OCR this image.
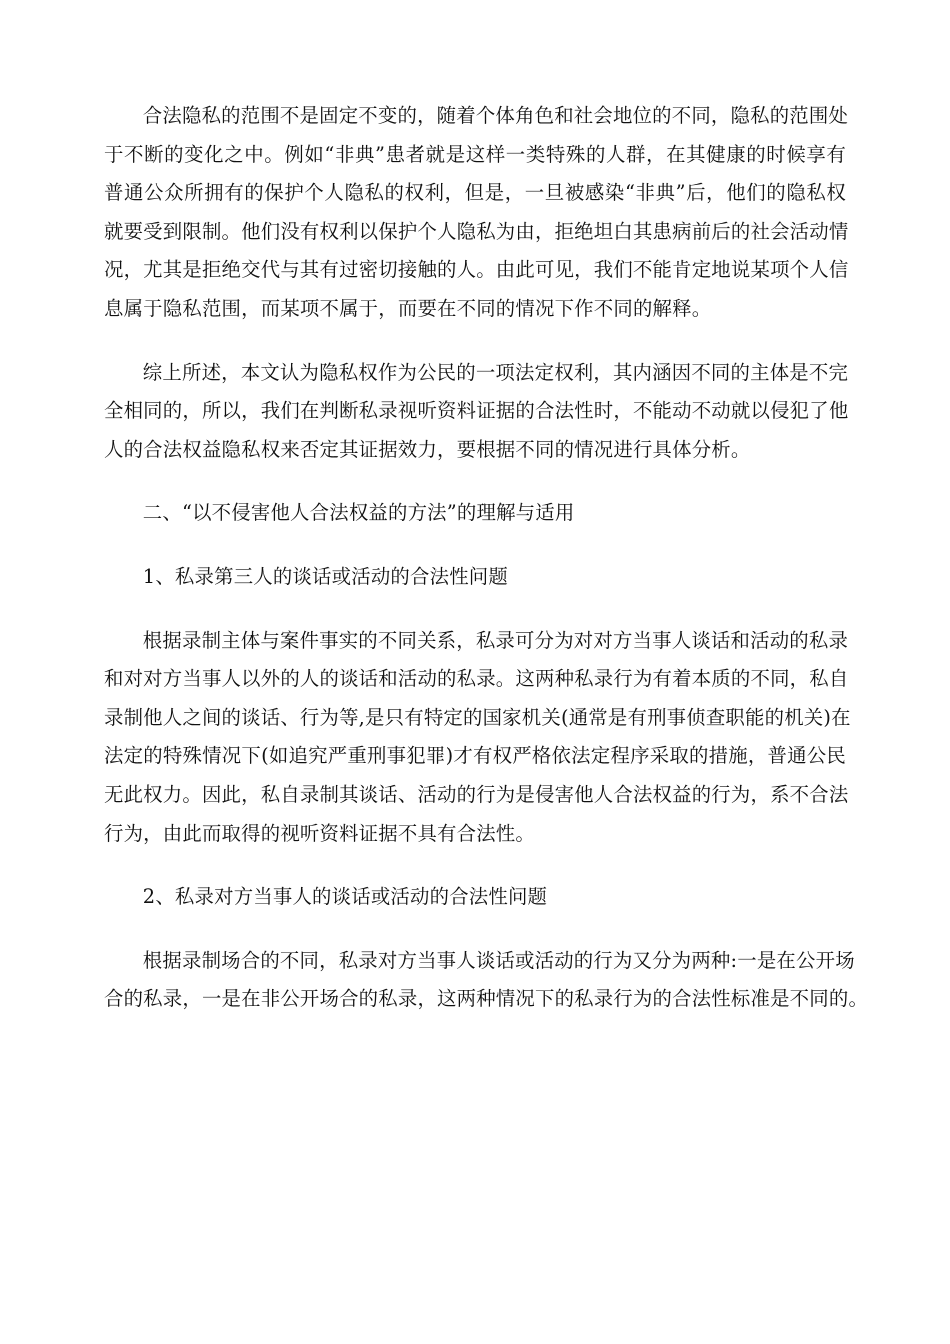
合法隐私的范围不是固定不变的，随着个体角色和社会地位的不同，隐私的范围处
于不断的变化之中。例如“非典”患者就是这样一类特殊的人群，在其健康的时候享有
普通公众所拥有的保护个人隐私的权利，但是，一旦被感染“非典”后，他们的隐私权
就要受到限制。他们没有权利以保护个人隐私为由，拒绝坦白其患病前后的社会活动情
况，尤其是拒绝交代与其有过密切接触的人。由此可见，我们不能肯定地说某项个人信
息属于隐私范围，而某项不属于，而要在不同的情况下作不同的解释。
综上所述，本文认为隐私权作为公民的一项法定权利，其内涵因不同的主体是不完
全相同的，所以，我们在判断私录视听资料证据的合法性时，不能动不动就以侵犯了他
人的合法权益隐私权来否定其证据效力，要根据不同的情况进行具体分析。
二、“以不侵害他人合法权益的方法”的理解与适用
1、私录第三人的谈话或活动的合法性问题
根据录制主体与案件事实的不同关系，私录可分为对对方当事人谈话和活动的私录
和对对方当事人以外的人的谈话和活动的私录。这两种私录行为有着本质的不同，私自
录制他人之间的谈话、行为等,是只有特定的国家机关(通常是有刑事侦查职能的机关)在
法定的特殊情况下(如追究严重刑事犯罪)才有权严格依法定程序采取的措施，普通公民
无此权力。因此，私自录制其谈话、活动的行为是侵害他人合法权益的行为，系不合法
行为，由此而取得的视听资料证据不具有合法性。
2、私录对方当事人的谈话或活动的合法性问题
根据录制场合的不同，私录对方当事人谈话或活动的行为又分为两种:一是在公开场
合的私录，一是在非公开场合的私录，这两种情况下的私录行为的合法性标准是不同的。
